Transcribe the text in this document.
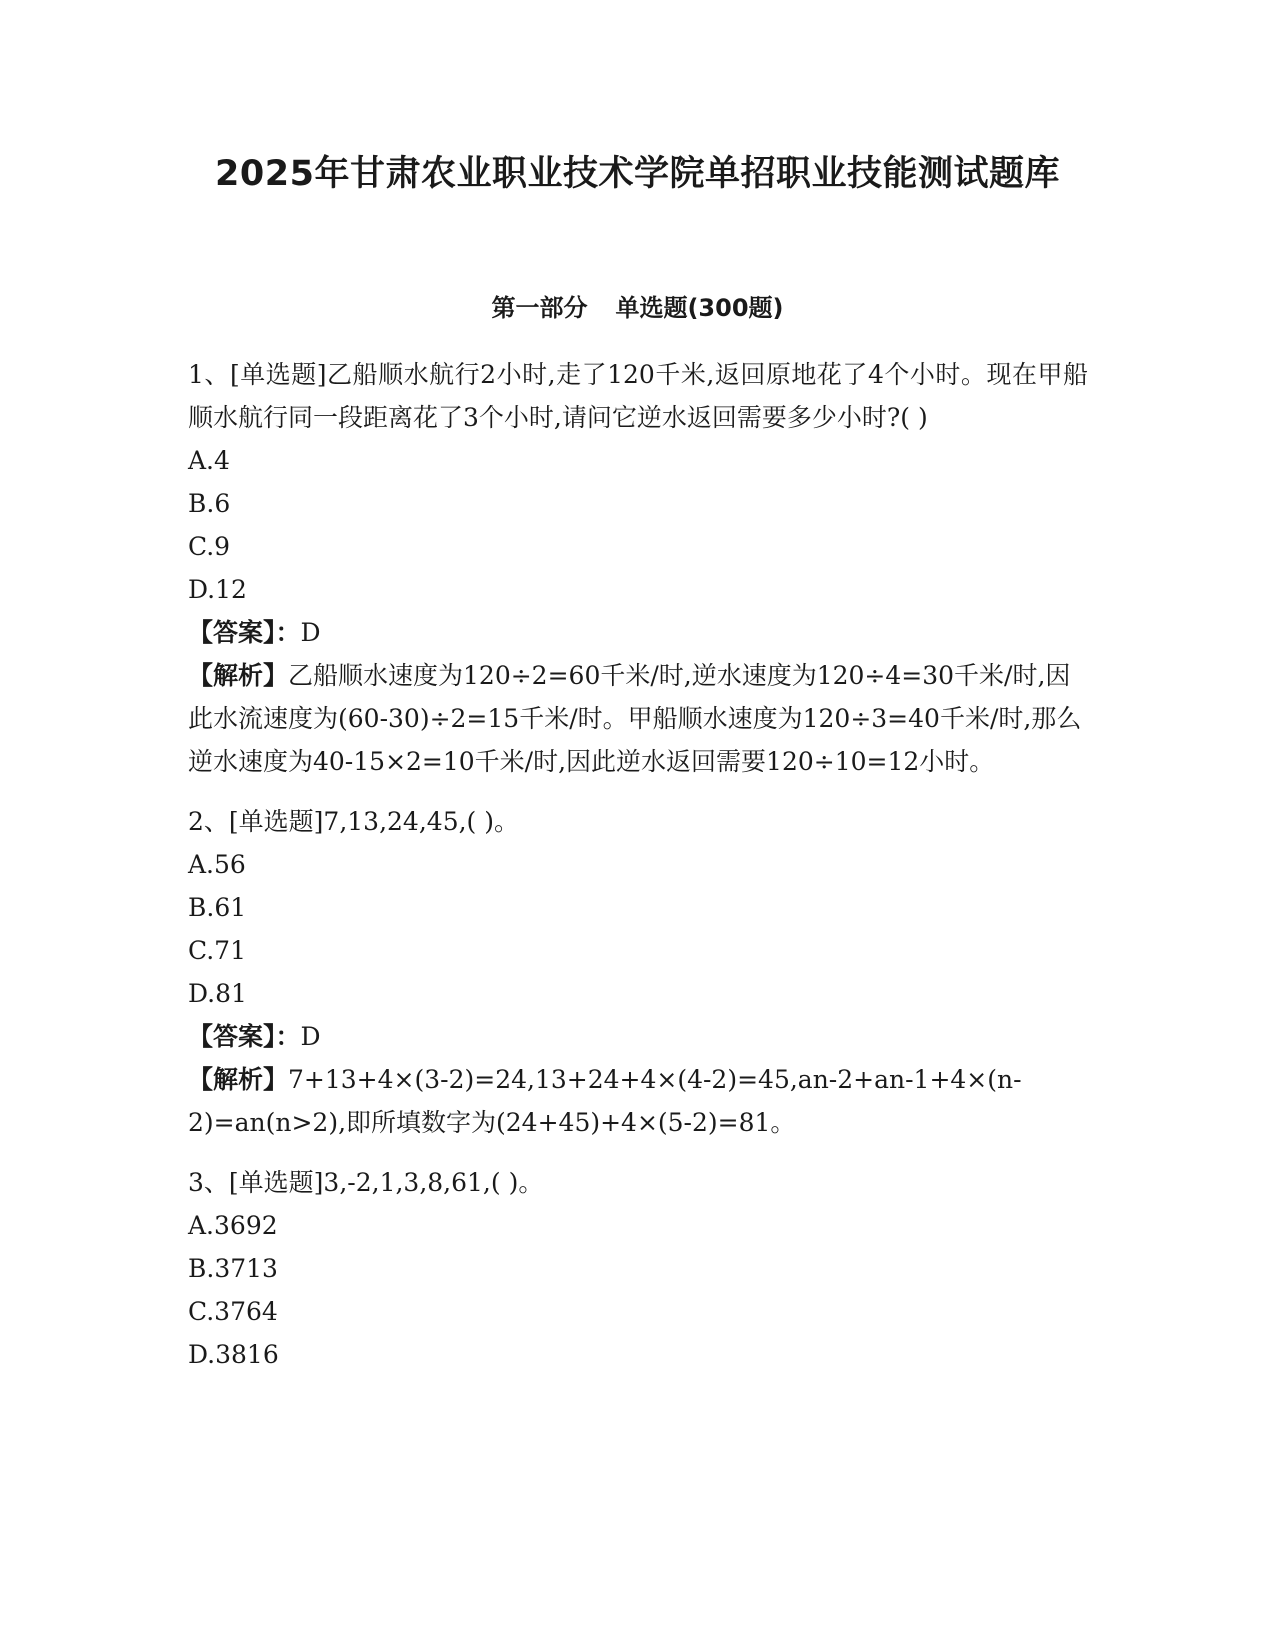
2025年甘肃农业职业技术学院单招职业技能测试题库
第一部分 单选题(300题)

1、[单选题]乙船顺水航行2小时,走了120千米,返回原地花了4个小时。现在甲船顺水航行同一段距离花了3个小时,请问它逆水返回需要多少小时?( )

A.4

B.6

C.9

D.12

【答案】：D

【解析】乙船顺水速度为120÷2=60千米/时,逆水速度为120÷4=30千米/时,因此水流速度为(60-30)÷2=15千米/时。甲船顺水速度为120÷3=40千米/时,那么逆水速度为40-15×2=10千米/时,因此逆水返回需要120÷10=12小时。

2、[单选题]7,13,24,45,( )。

A.56

B.61

C.71

D.81

【答案】：D

【解析】7+13+4×(3-2)=24,13+24+4×(4-2)=45,an-2+an-1+4×(n-2)=an(n>2),即所填数字为(24+45)+4×(5-2)=81。

3、[单选题]3,-2,1,3,8,61,( )。

A.3692

B.3713

C.3764

D.3816
